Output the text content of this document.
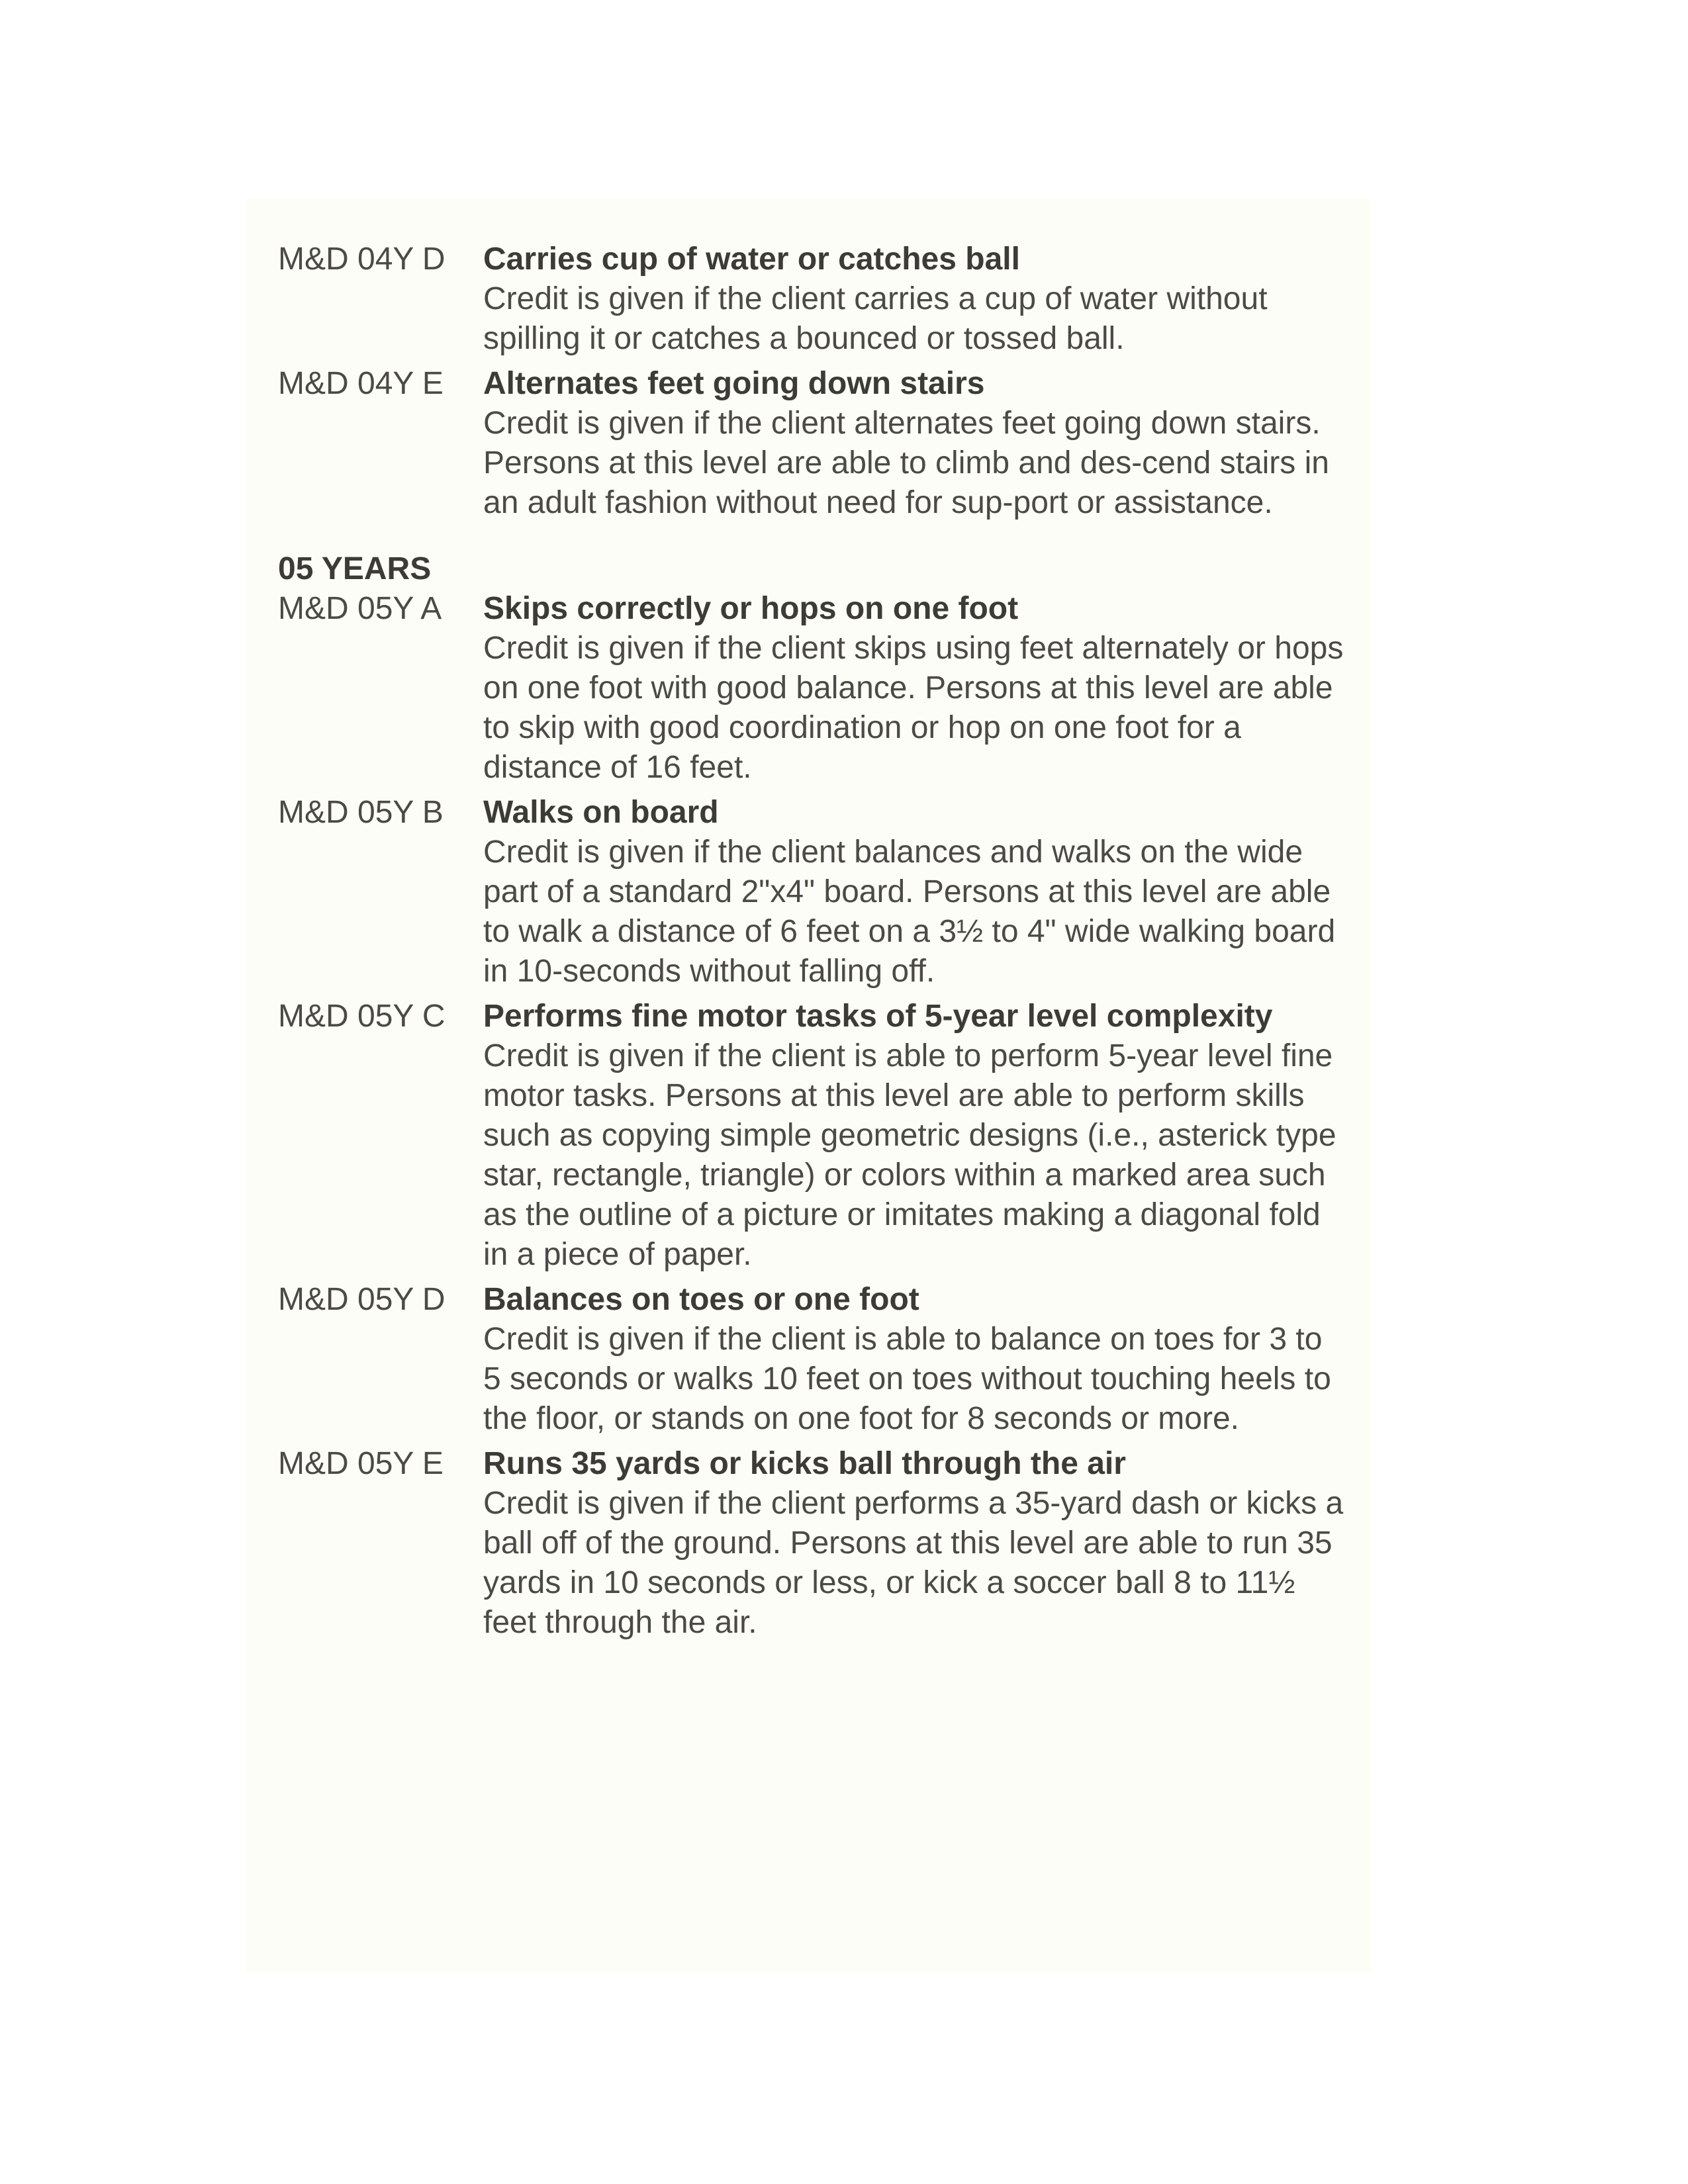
M&D 04Y D	Carries cup of water or catches ball
Credit is given if the client carries a cup of water without spilling it or catches a bounced or tossed ball.
M&D 04Y E	Alternates feet going down stairs
Credit is given if the client alternates feet going down stairs. Persons at this level are able to climb and des-cend stairs in an adult fashion without need for sup-port or assistance.
05 YEARS
M&D 05Y A	Skips correctly or hops on one foot
Credit is given if the client skips using feet alternately or hops on one foot with good balance. Persons at this level are able to skip with good coordination or hop on one foot for a distance of 16 feet.
M&D 05Y B	Walks on board
Credit is given if the client balances and walks on the wide part of a standard 2"x4" board. Persons at this level are able to walk a distance of 6 feet on a 3½ to 4" wide walking board in 10-seconds without falling off.
M&D 05Y C	Performs fine motor tasks of 5-year level complexity
Credit is given if the client is able to perform 5-year level fine motor tasks. Persons at this level are able to perform skills such as copying simple geometric designs (i.e., asterick type star, rectangle, triangle) or colors within a marked area such as the outline of a picture or imitates making a diagonal fold in a piece of paper.
M&D 05Y D	Balances on toes or one foot
Credit is given if the client is able to balance on toes for 3 to 5 seconds or walks 10 feet on toes without touching heels to the floor, or stands on one foot for 8 seconds or more.
M&D 05Y E	Runs 35 yards or kicks ball through the air
Credit is given if the client performs a 35-yard dash or kicks a ball off of the ground. Persons at this level are able to run 35 yards in 10 seconds or less, or kick a soccer ball 8 to 11½ feet through the air.
